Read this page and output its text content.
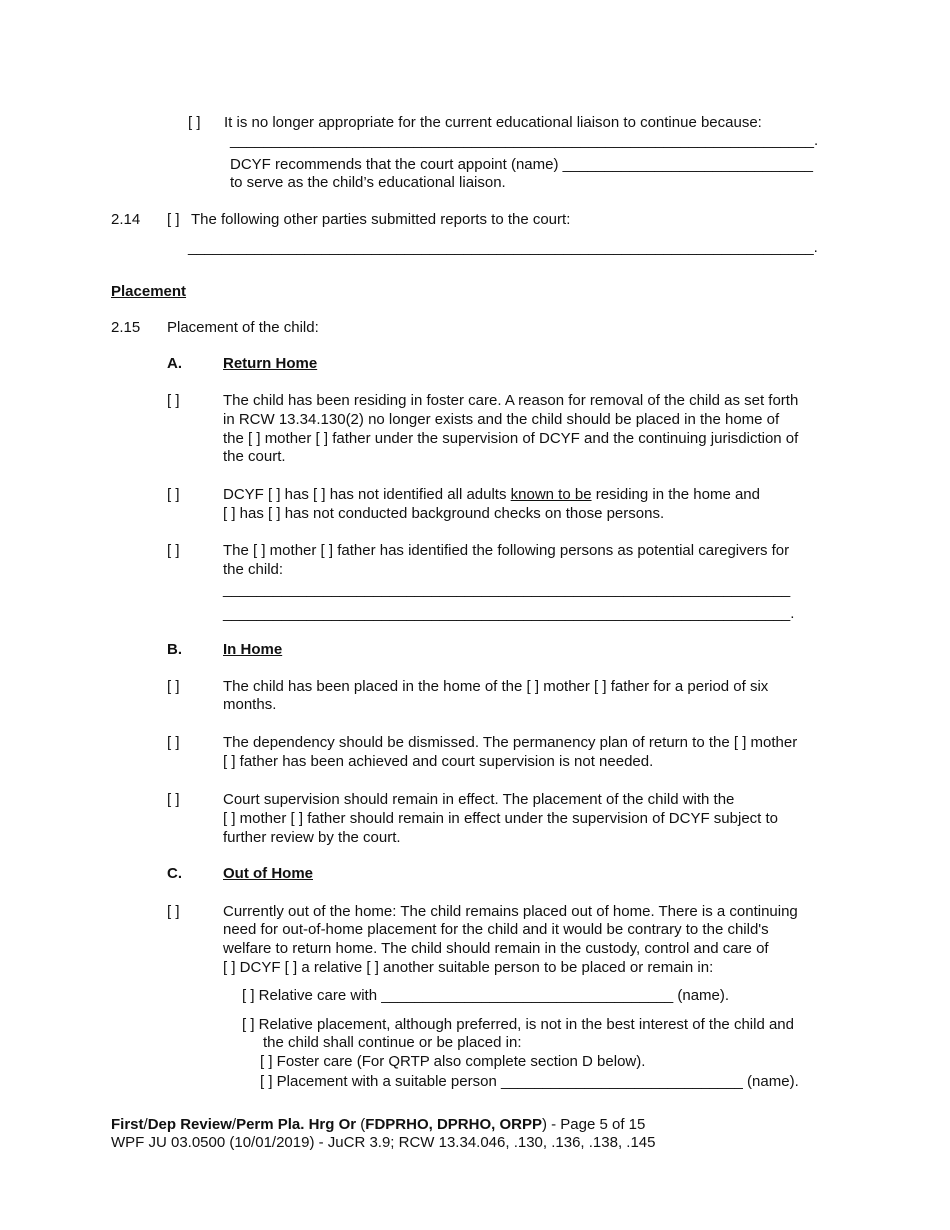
[ ] It is no longer appropriate for the current educational liaison to continue because:
______________________________________________________________________.
DCYF recommends that the court appoint (name) ______________________________
to serve as the child’s educational liaison.
2.14 [ ] The following other parties submitted reports to the court:
___________________________________________________________________________.
Placement
2.15 Placement of the child:
A.	Return Home
[ ]	The child has been residing in foster care. A reason for removal of the child as set forth
in RCW 13.34.130(2) no longer exists and the child should be placed in the home of
the [ ] mother [ ] father under the supervision of DCYF and the continuing jurisdiction of
the court.
[ ]	DCYF [ ] has [ ] has not identified all adults known to be residing in the home and
[ ] has [ ] has not conducted background checks on those persons.
[ ]	The [ ] mother [ ] father has identified the following persons as potential caregivers for
the child:
____________________________________________________________________
____________________________________________________________________.
B.	In Home
[ ]	The child has been placed in the home of the [ ] mother [ ] father for a period of six
months.
[ ]	The dependency should be dismissed. The permanency plan of return to the [ ] mother
[ ] father has been achieved and court supervision is not needed.
[ ]	Court supervision should remain in effect. The placement of the child with the
[ ] mother [ ] father should remain in effect under the supervision of DCYF subject to
further review by the court.
C.	Out of Home
[ ]	Currently out of the home: The child remains placed out of home. There is a continuing
need for out-of-home placement for the child and it would be contrary to the child's
welfare to return home. The child should remain in the custody, control and care of
[ ] DCYF [ ] a relative [ ] another suitable person to be placed or remain in:
[ ] Relative care with ___________________________________ (name).
[ ] Relative placement, although preferred, is not in the best interest of the child and
the child shall continue or be placed in:
[ ] Foster care (For QRTP also complete section D below).
[ ] Placement with a suitable person _____________________________ (name).
First/Dep Review/Perm Pla. Hrg Or (FDPRHO, DPRHO, ORPP) - Page 5 of 15
WPF JU 03.0500 (10/01/2019) - JuCR 3.9; RCW 13.34.046, .130, .136, .138, .145
